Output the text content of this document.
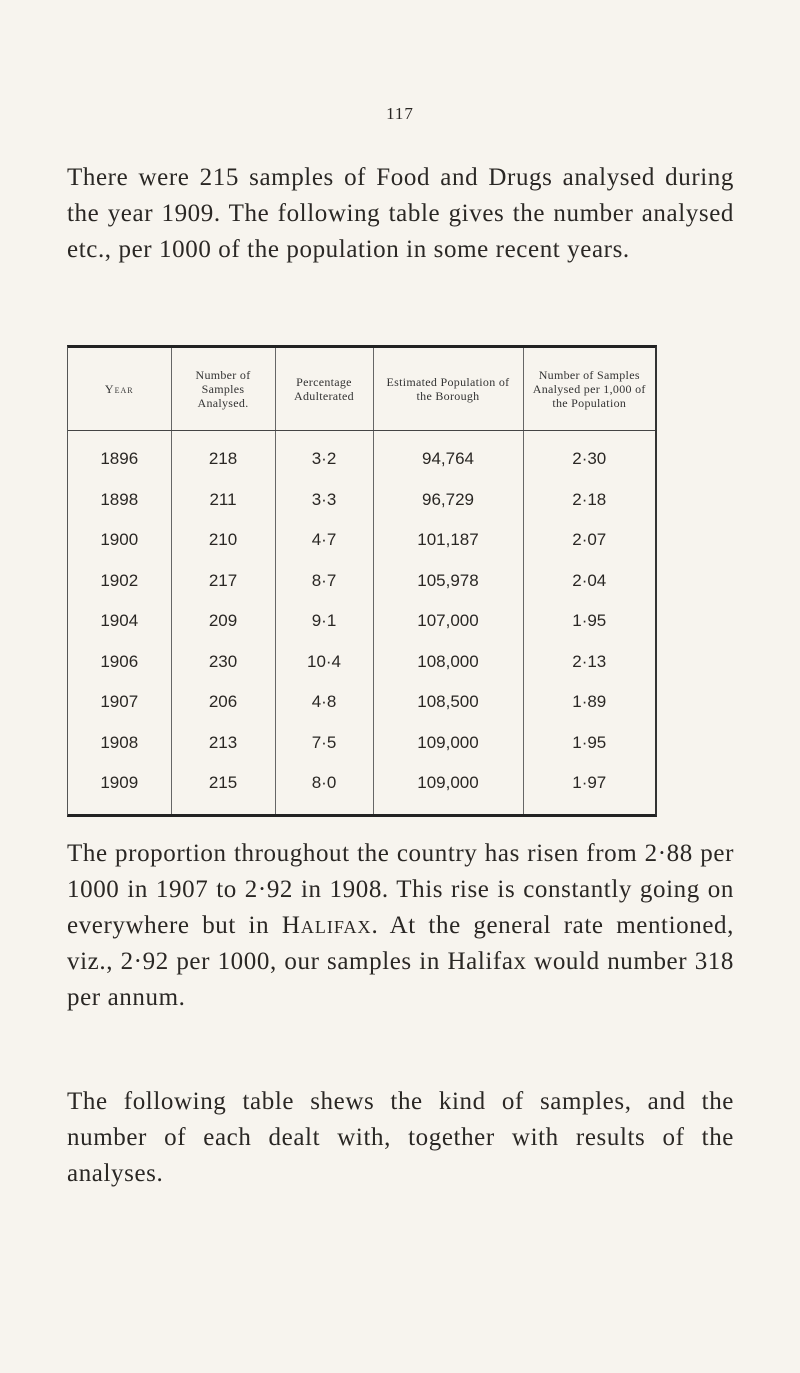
117

There were 215 samples of Food and Drugs analysed during the year 1909. The following table gives the number analysed etc., per 1000 of the population in some recent years.

Year	Number of Samples Analysed.	Percentage Adulterated	Estimated Population of the Borough	Number of Samples Analysed per 1,000 of the Population
1896	218	3·2	94,764	2·30
1898	211	3·3	96,729	2·18
1900	210	4·7	101,187	2·07
1902	217	8·7	105,978	2·04
1904	209	9·1	107,000	1·95
1906	230	10·4	108,000	2·13
1907	206	4·8	108,500	1·89
1908	213	7·5	109,000	1·95
1909	215	8·0	109,000	1·97

The proportion throughout the country has risen from 2·88 per 1000 in 1907 to 2·92 in 1908. This rise is constantly going on everywhere but in Halifax. At the general rate mentioned, viz., 2·92 per 1000, our samples in Halifax would number 318 per annum.

The following table shews the kind of samples, and the number of each dealt with, together with results of the analyses.
